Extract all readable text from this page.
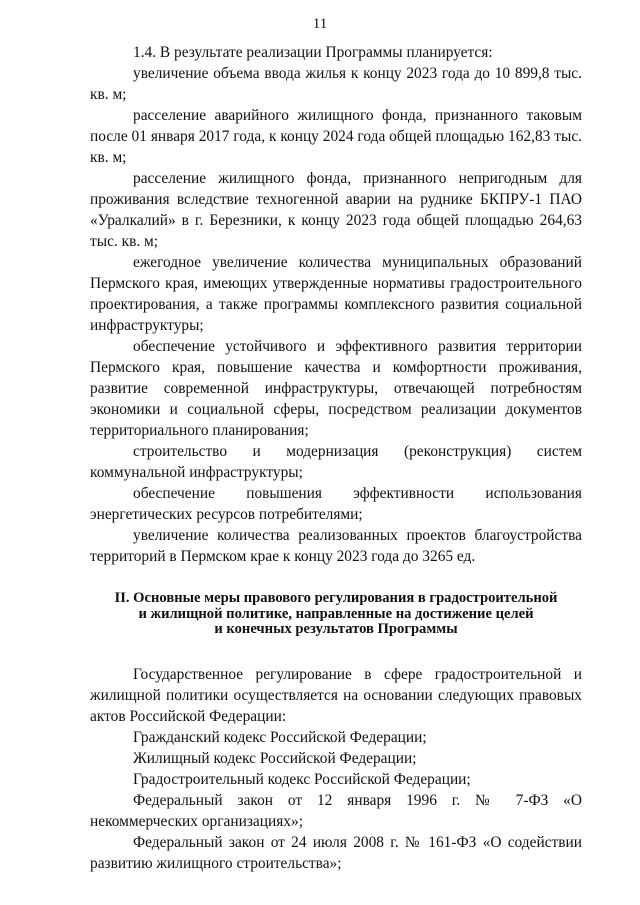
11

1.4. В результате реализации Программы планируется:

увеличение объема ввода жилья к концу 2023 года до 10 899,8 тыс. кв. м;

расселение аварийного жилищного фонда, признанного таковым после 01 января 2017 года, к концу 2024 года общей площадью 162,83 тыс. кв. м;

расселение жилищного фонда, признанного непригодным для проживания вследствие техногенной аварии на руднике БКПРУ-1 ПАО «Уралкалий» в г. Березники, к концу 2023 года общей площадью 264,63 тыс. кв. м;

ежегодное увеличение количества муниципальных образований Пермского края, имеющих утвержденные нормативы градостроительного проектирования, а также программы комплексного развития социальной инфраструктуры;

обеспечение устойчивого и эффективного развития территории Пермского края, повышение качества и комфортности проживания, развитие современной инфраструктуры, отвечающей потребностям экономики и социальной сферы, посредством реализации документов территориального планирования;

строительство и модернизация (реконструкция) систем коммунальной инфраструктуры;

обеспечение повышения эффективности использования энергетических ресурсов потребителями;

увеличение количества реализованных проектов благоустройства территорий в Пермском крае к концу 2023 года до 3265 ед.

II. Основные меры правового регулирования в градостроительной
и жилищной политике, направленные на достижение целей
и конечных результатов Программы

Государственное регулирование в сфере градостроительной и жилищной политики осуществляется на основании следующих правовых актов Российской Федерации:

Гражданский кодекс Российской Федерации;

Жилищный кодекс Российской Федерации;

Градостроительный кодекс Российской Федерации;

Федеральный закон от 12 января 1996 г. № 7-ФЗ «О некоммерческих организациях»;

Федеральный закон от 24 июля 2008 г. № 161-ФЗ «О содействии развитию жилищного строительства»;
